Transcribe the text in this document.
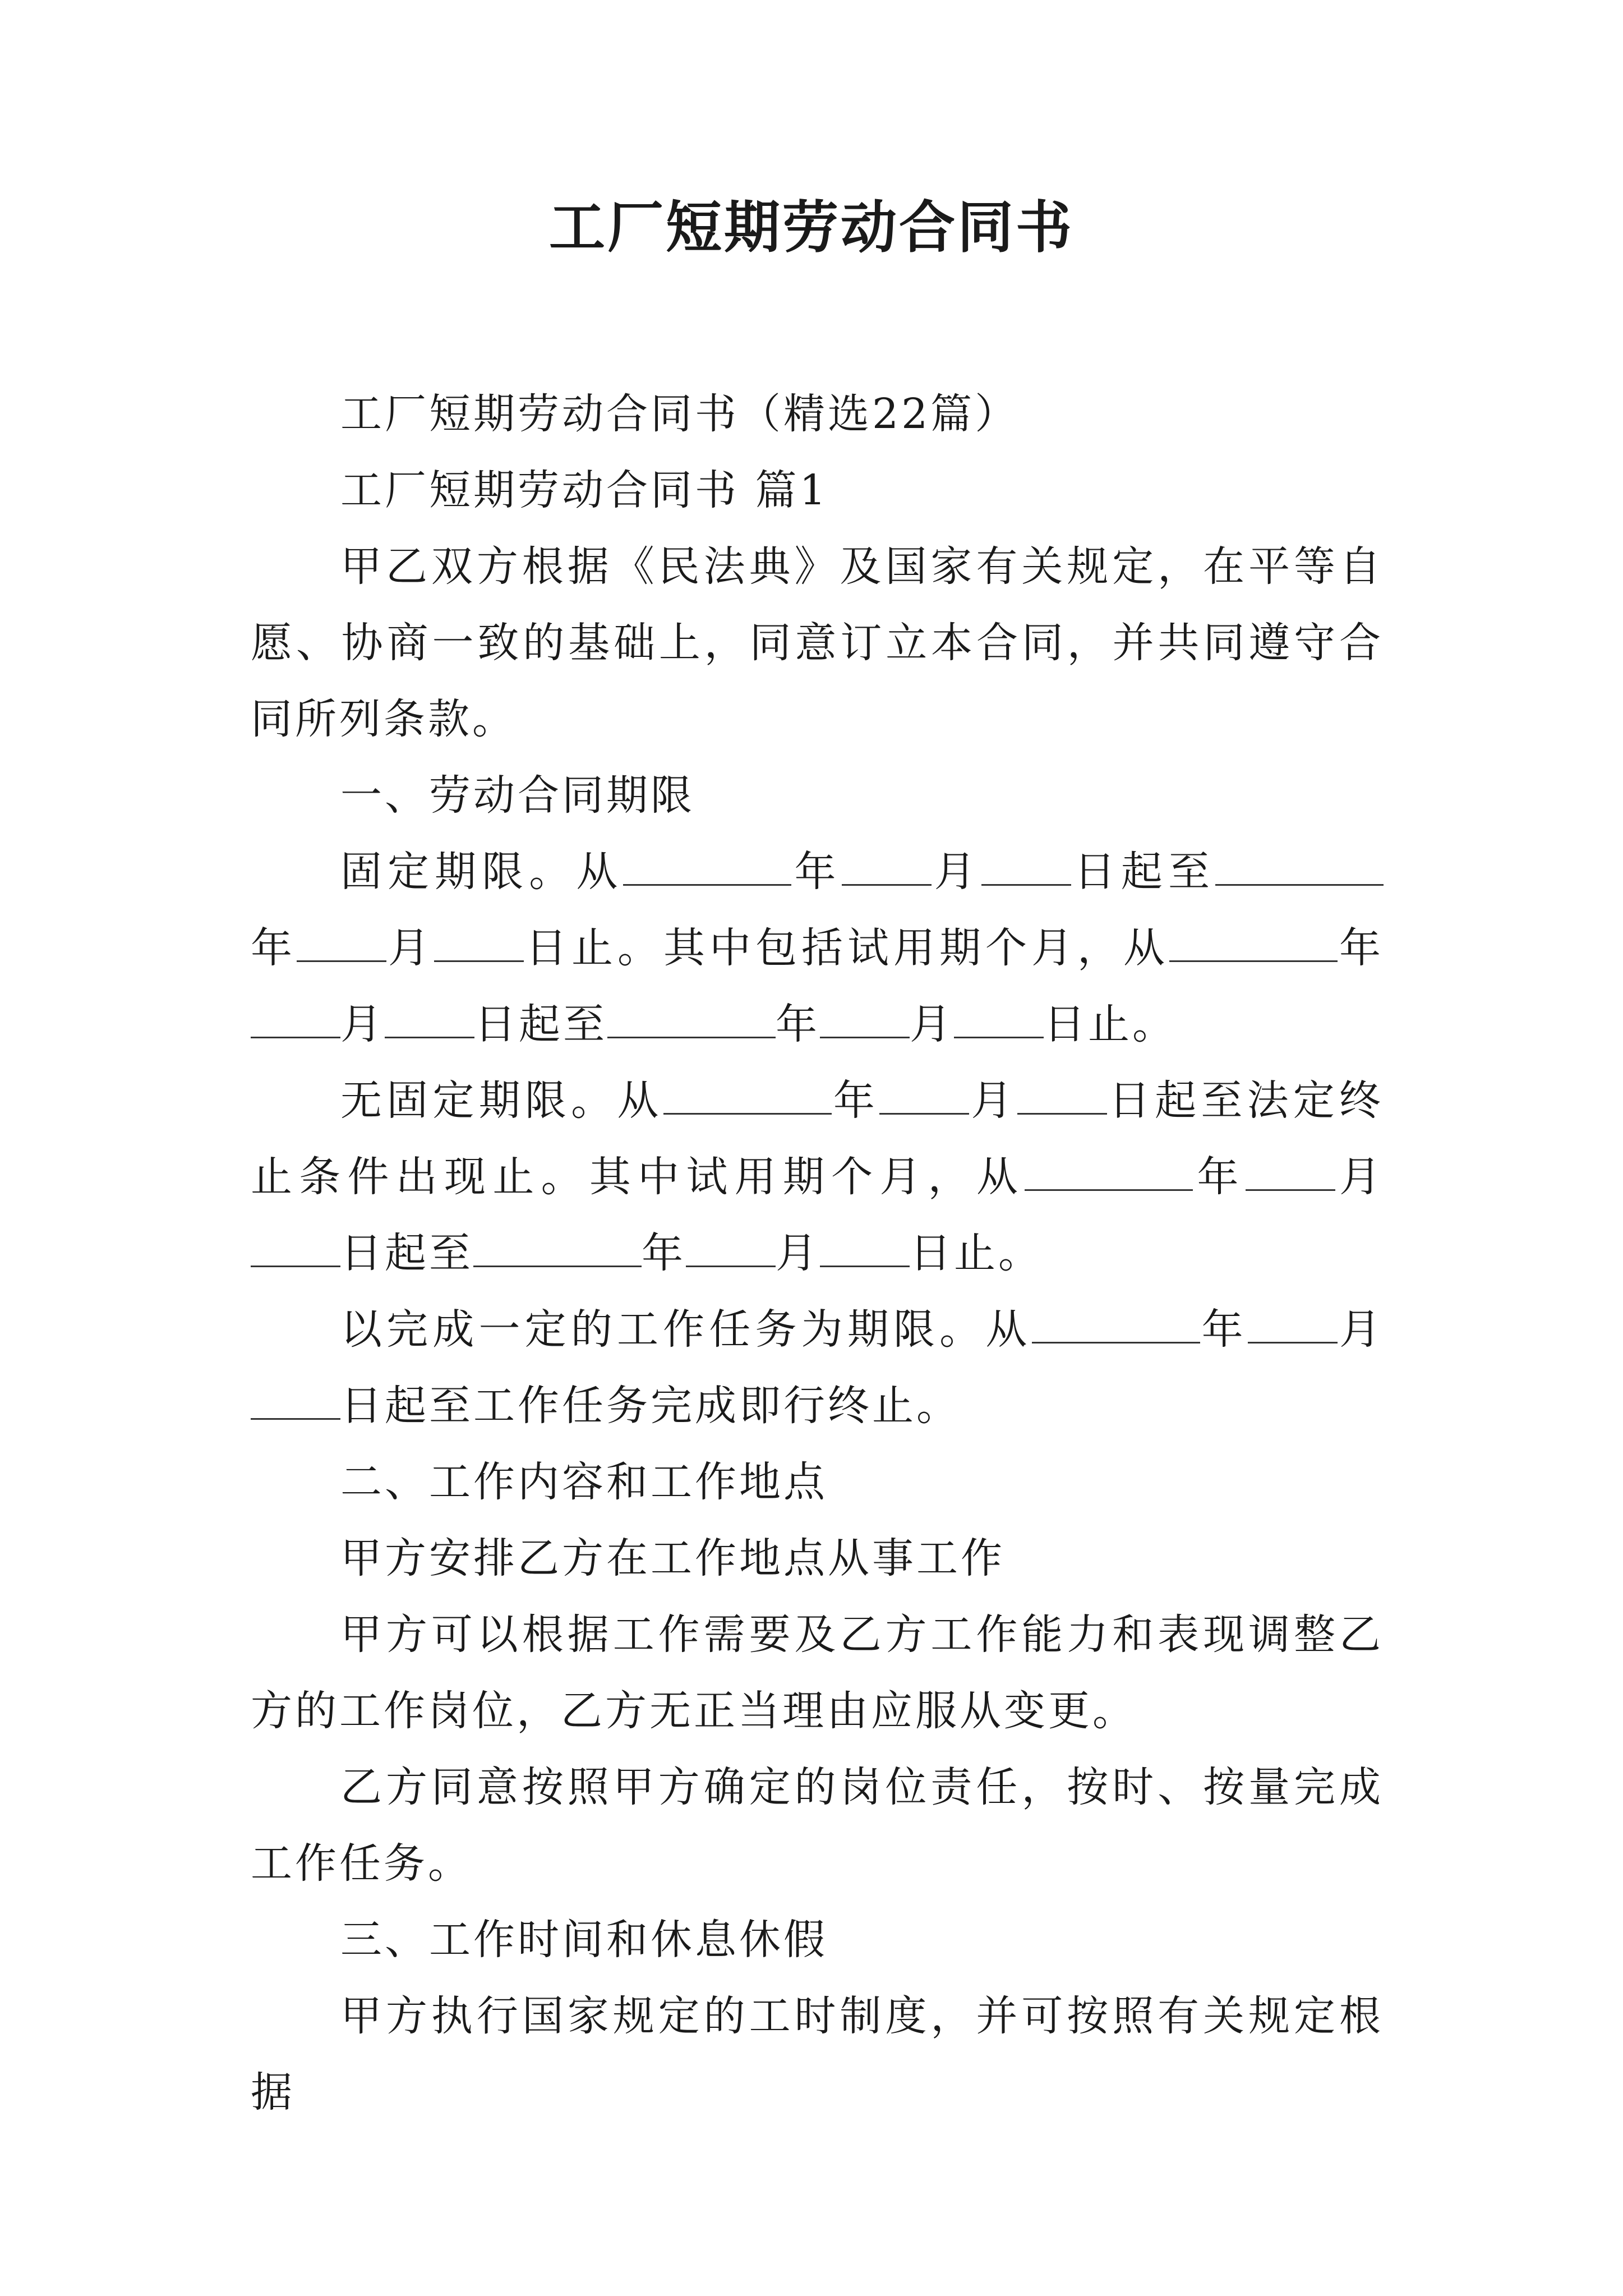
工厂短期劳动合同书

工厂短期劳动合同书（精选22篇）

工厂短期劳动合同书 篇1

甲乙双方根据《民法典》及国家有关规定，在平等自愿、协商一致的基础上，同意订立本合同，并共同遵守合同所列条款。

一、劳动合同期限

固定期限。从	年 月 日起至年 月 日止。其中包括试用期个月，从	年月 日起至	年 月 日止。

无固定期限。从	年 月 日起至法定终止条件出现止。其中试用期个月，从	年 月日起至	年 月 日止。

以完成一定的工作任务为期限。从	年 月日起至工作任务完成即行终止。

二、工作内容和工作地点

甲方安排乙方在工作地点从事工作

甲方可以根据工作需要及乙方工作能力和表现调整乙方的工作岗位，乙方无正当理由应服从变更。

乙方同意按照甲方确定的岗位责任，按时、按量完成工作任务。

三、工作时间和休息休假

甲方执行国家规定的工时制度，并可按照有关规定根据
